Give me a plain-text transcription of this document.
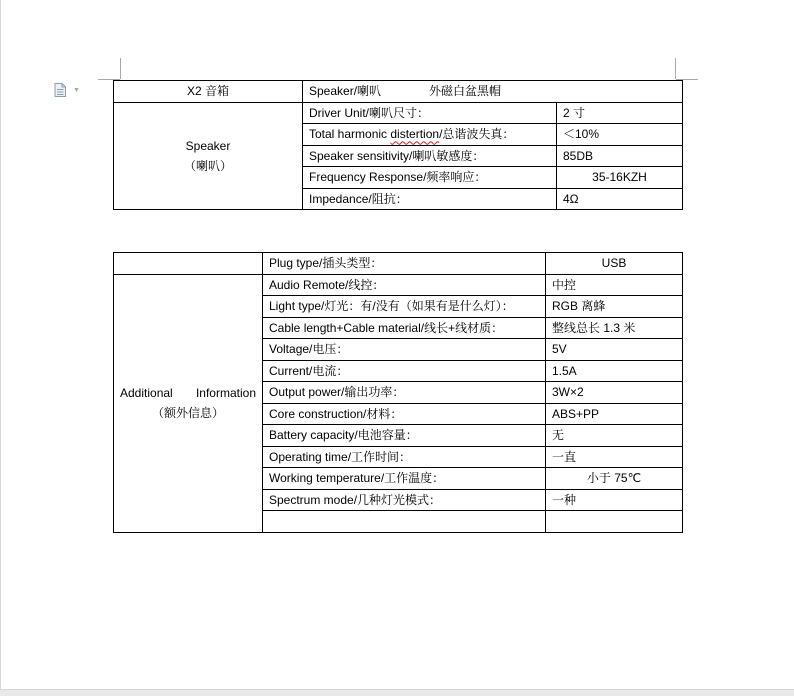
▼	X2 音箱	Speaker/喇叭 外磁白盆黑帽	

Speaker
（喇叭）	Driver Unit/喇叭尺寸：	2 寸
	Total harmonic distertion/总谐波失真：	＜10%
	Speaker sensitivity/喇叭敏感度：	85DB
	Frequency Response/频率响应：	35-16KZH
	Impedance/阻抗：	4Ω
	Plug type/插头类型：	USB

Additional Information
（额外信息）	Audio Remote/线控：	中控
	Light type/灯光：有/没有（如果有是什么灯）：	RGB 离蜂
	Cable length+Cable material/线长+线材质：	整线总长 1.3 米
	Voltage/电压：	5V
	Current/电流：	1.5A
	Output power/输出功率：	3W×2
	Core construction/材料：	ABS+PP
	Battery capacity/电池容量：	无
	Operating time/工作时间：	一直
	Working temperature/工作温度：	小于 75℃
	Spectrum mode/几种灯光模式：	一种
